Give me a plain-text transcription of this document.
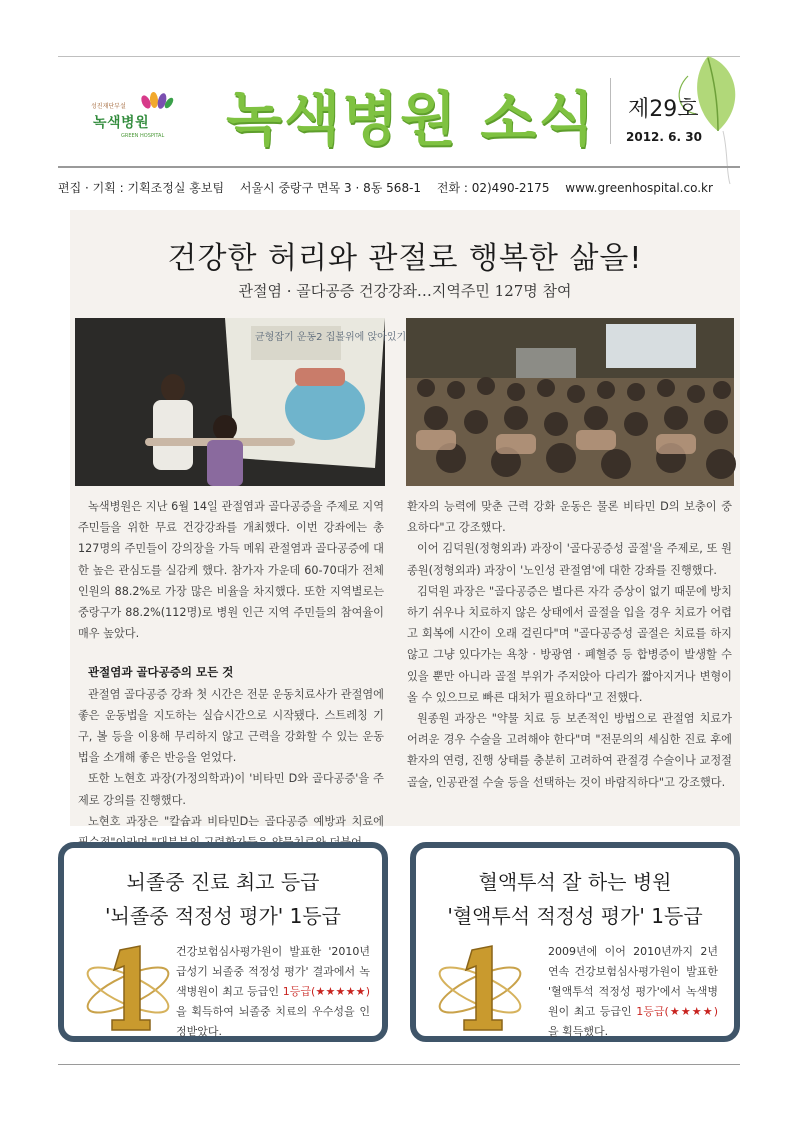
성진재단부설
녹색병원
GREEN HOSPITAL 녹색병원 소식 제29호
2012. 6. 30
편집 · 기획 : 기획조정실 홍보팀 서울시 중랑구 면목 3 · 8동 568-1 전화 : 02)490-2175 www.greenhospital.co.kr
건강한 허리와 관절로 행복한 삶을!
관절염 · 골다공증 건강강좌…지역주민 127명 참여
균형잡기 운동2 집볼위에 앉아있기

녹색병원은 지난 6월 14일 관절염과 골다공증을 주제로 지역 주민들을 위한 무료 건강강좌를 개최했다. 이번 강좌에는 총 127명의 주민들이 강의장을 가득 메워 관절염과 골다공증에 대한 높은 관심도를 실감케 했다. 참가자 가운데 60-70대가 전체 인원의 88.2%로 가장 많은 비율을 차지했다. 또한 지역별로는 중랑구가 88.2%(112명)로 병원 인근 지역 주민들의 참여율이 매우 높았다.

관절염과 골다공증의 모든 것

관절염 골다공증 강좌 첫 시간은 전문 운동치료사가 관절염에 좋은 운동법을 지도하는 실습시간으로 시작됐다. 스트레칭 기구, 볼 등을 이용해 무리하지 않고 근력을 강화할 수 있는 운동법을 소개해 좋은 반응을 얻었다.

또한 노현호 과장(가정의학과)이 '비타민 D와 골다공증'을 주제로 강의를 진행했다.

노현호 과장은 "칼슘과 비타민D는 골다공증 예방과 치료에

환자의 능력에 맞춘 근력 강화 운동은 물론 비타민 D의 보충이 중요하다"고 강조했다.

이어 김덕원(정형외과) 과장이 '골다공증성 골절'을 주제로, 또 원종원(정형외과) 과장이 '노인성 관절염'에 대한 강좌를 진행했다.

김덕원 과장은 "골다공증은 별다른 자각 증상이 없기 때문에 방치하기 쉬우나 치료하지 않은 상태에서 골절을 입을 경우 치료가 어렵고 회복에 시간이 오래 걸린다"며 "골다공증성 골절은 치료를 하지 않고 그냥 있다가는 욕창 · 방광염 · 폐혈증 등 합병증이 발생할 수 있을 뿐만 아니라 골절 부위가 주저앉아 다리가 짧아지거나 변형이 올 수 있으므로 빠른 대처가 필요하다"고 전했다.

원종원 과장은 "약물 치료 등 보존적인 방법으로 관절염 치료가 어려운 경우 수술을 고려해야 한다"며 "전문의의 세심한 진료 후에 환자의 연령, 진행 상태를 충분히 고려하여 관절경 수술이나 교정절골술, 인공관절 수술 등을 선택하는 것이 바람직하다"고 강조했다.

뇌졸중 진료 최고 등급
'뇌졸중 적정성 평가' 1등급
건강보험심사평가원이 발표한 '2010년 급성기 뇌졸중 적정성 평가' 결과에서 녹색병원이 최고 등급인 1등급(★★★★★)을 획득하여 뇌졸중 치료의 우수성을 인정받았다.
혈액투석 잘 하는 병원
'혈액투석 적정성 평가' 1등급
2009년에 이어 2010년까지 2년 연속 건강보험심사평가원이 발표한 '혈액투석 적정성 평가'에서 녹색병원이 최고 등급인 1등급(★★★★)을 획득했다.
